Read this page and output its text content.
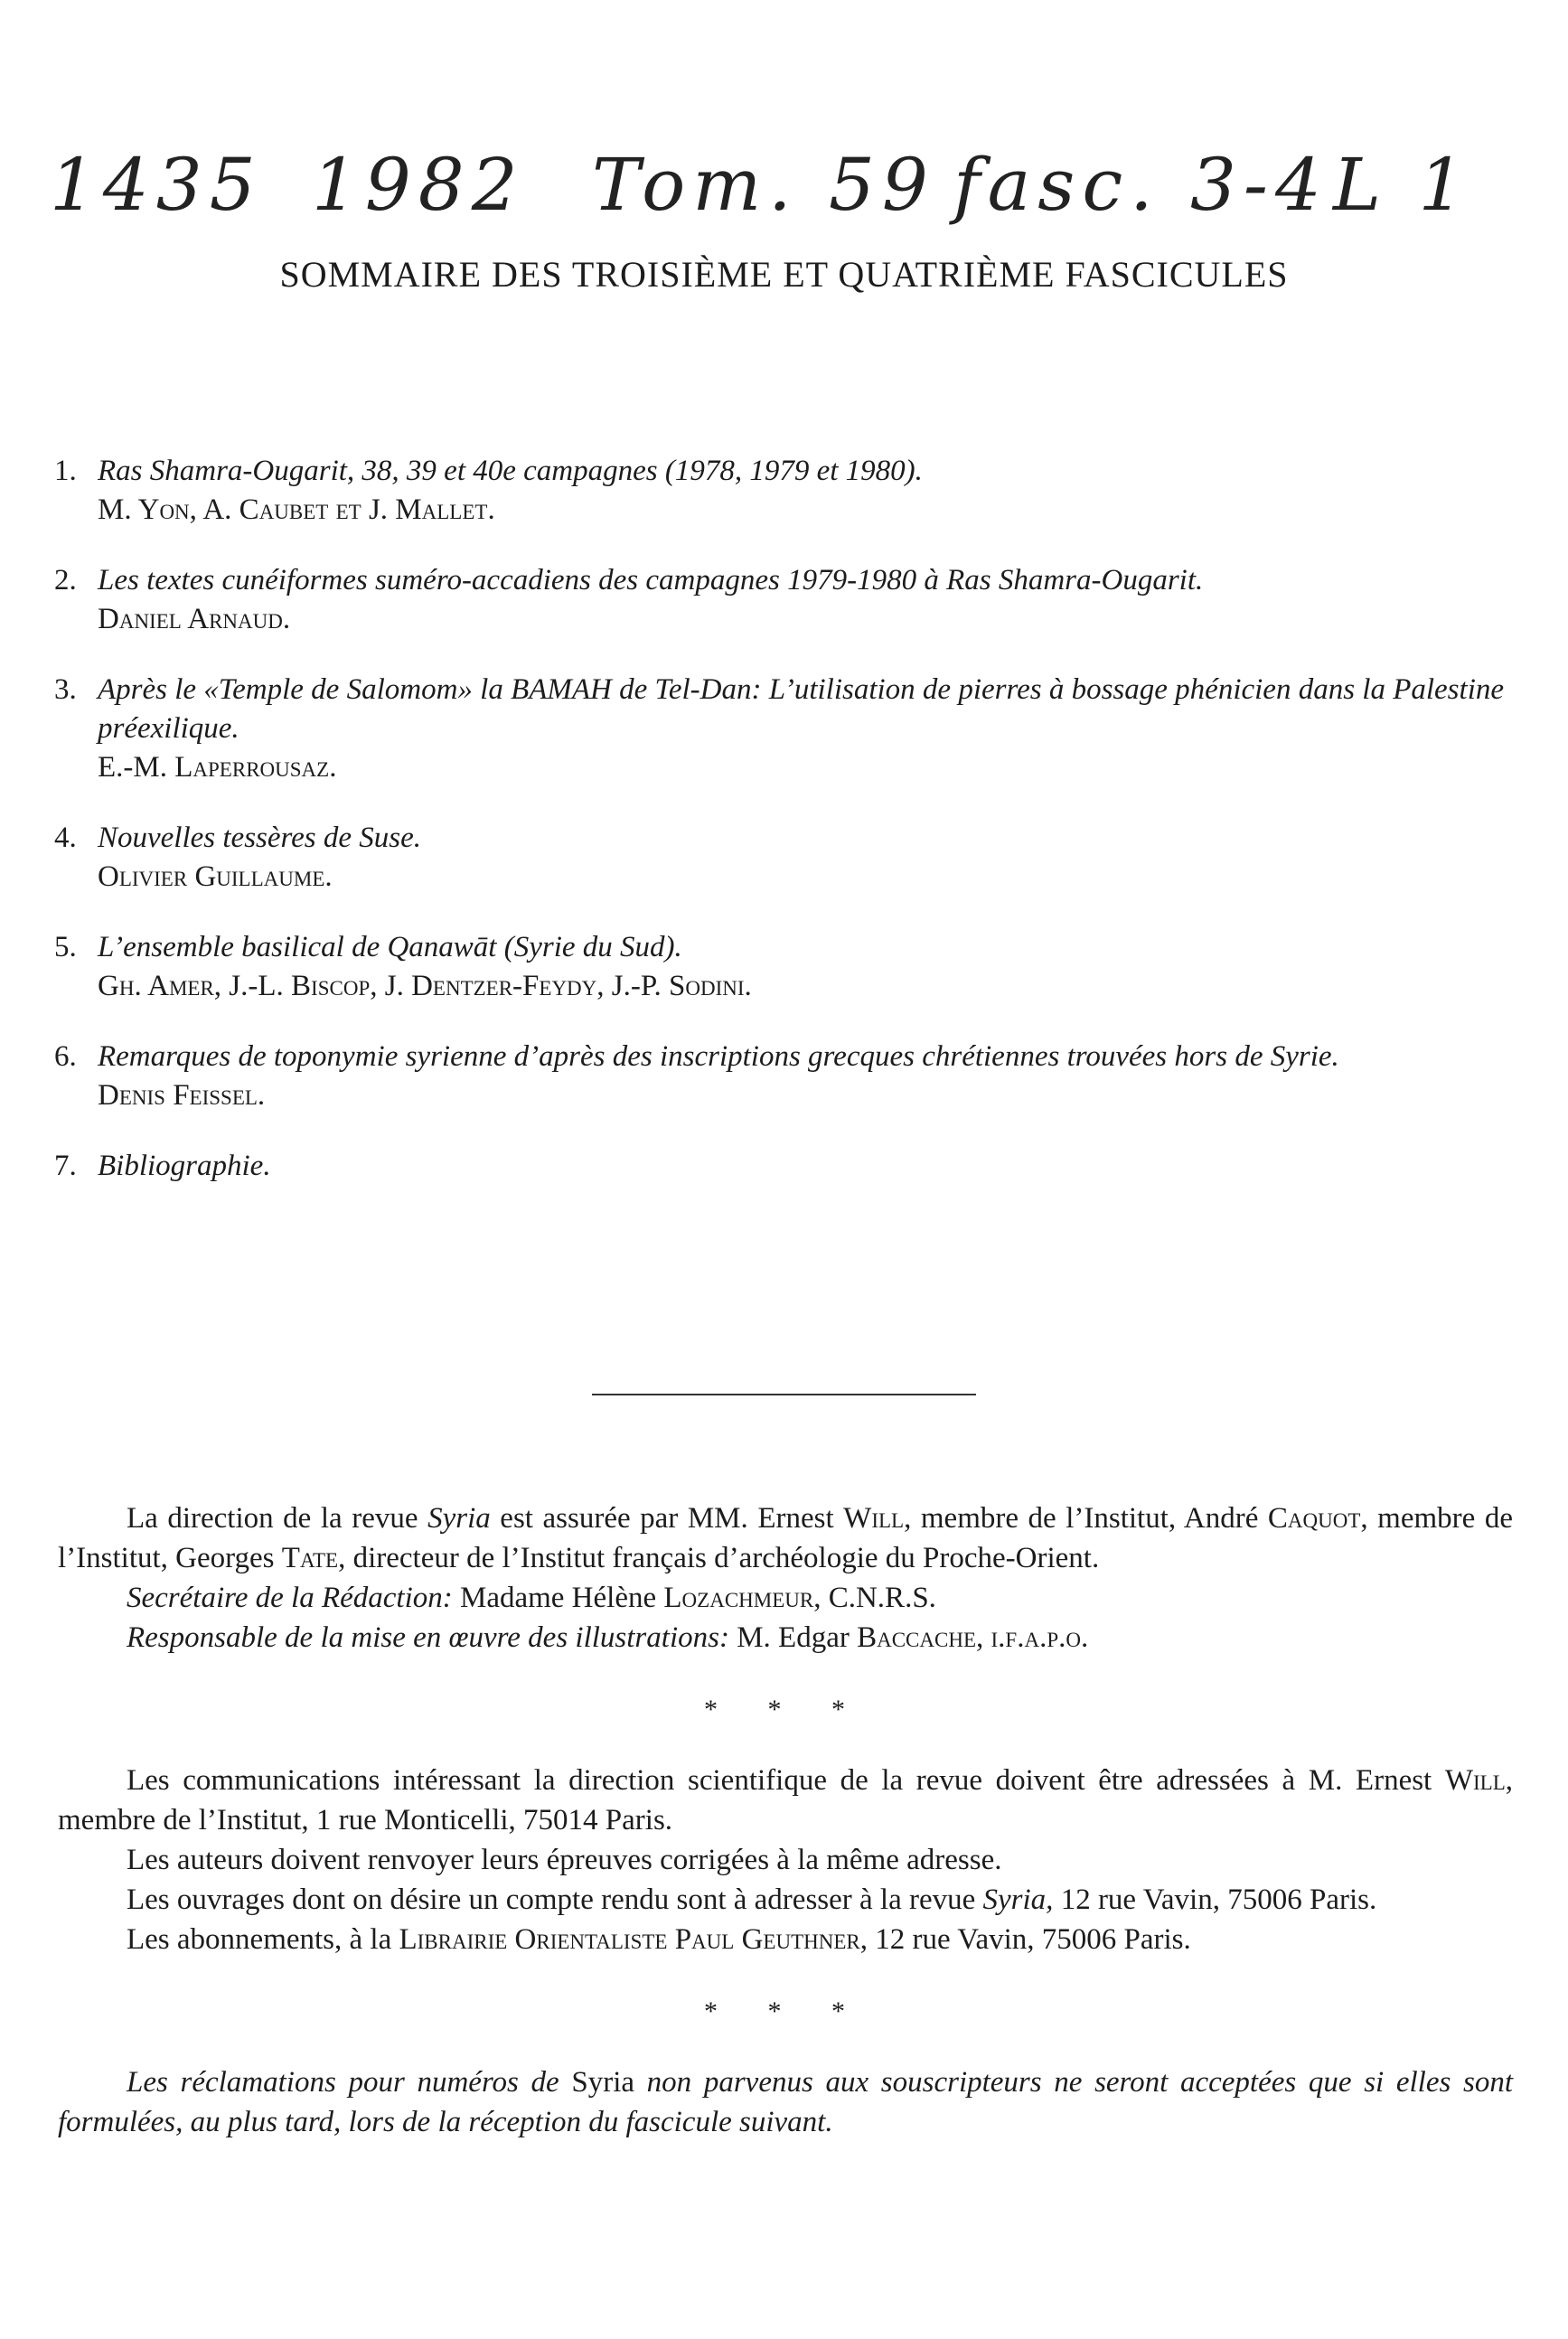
1435 1982 Tom. 59 fasc. 3-4 L 1
SOMMAIRE DES TROISIÈME ET QUATRIÈME FASCICULES
1. Ras Shamra-Ougarit, 38, 39 et 40e campagnes (1978, 1979 et 1980).
M. Yon, A. Caubet et J. Mallet.
2. Les textes cunéiformes suméro-accadiens des campagnes 1979-1980 à Ras Shamra-Ougarit.
Daniel Arnaud.
3. Après le «Temple de Salomom» la BAMAH de Tel-Dan: L’utilisation de pierres à bossage phénicien dans la Palestine préexilique.
E.-M. Laperrousaz.
4. Nouvelles tessères de Suse.
Olivier Guillaume.
5. L’ensemble basilical de Qanawāt (Syrie du Sud).
Gh. Amer, J.-L. Biscop, J. Dentzer-Feydy, J.-P. Sodini.
6. Remarques de toponymie syrienne d’après des inscriptions grecques chrétiennes trouvées hors de Syrie.
Denis Feissel.
7. Bibliographie.

La direction de la revue Syria est assurée par MM. Ernest Will, membre de l’Institut, André Caquot, membre de l’Institut, Georges Tate, directeur de l’Institut français d’archéologie du Proche-Orient.

Secrétaire de la Rédaction: Madame Hélène Lozachmeur, C.N.R.S.

Responsable de la mise en œuvre des illustrations: M. Edgar Baccache, i.f.a.p.o.

* * *

Les communications intéressant la direction scientifique de la revue doivent être adressées à M. Ernest Will, membre de l’Institut, 1 rue Monticelli, 75014 Paris.

Les auteurs doivent renvoyer leurs épreuves corrigées à la même adresse.

Les ouvrages dont on désire un compte rendu sont à adresser à la revue Syria, 12 rue Vavin, 75006 Paris.

Les abonnements, à la Librairie Orientaliste Paul Geuthner, 12 rue Vavin, 75006 Paris.

* * *

Les réclamations pour numéros de Syria non parvenus aux souscripteurs ne seront acceptées que si elles sont formulées, au plus tard, lors de la réception du fascicule suivant.
